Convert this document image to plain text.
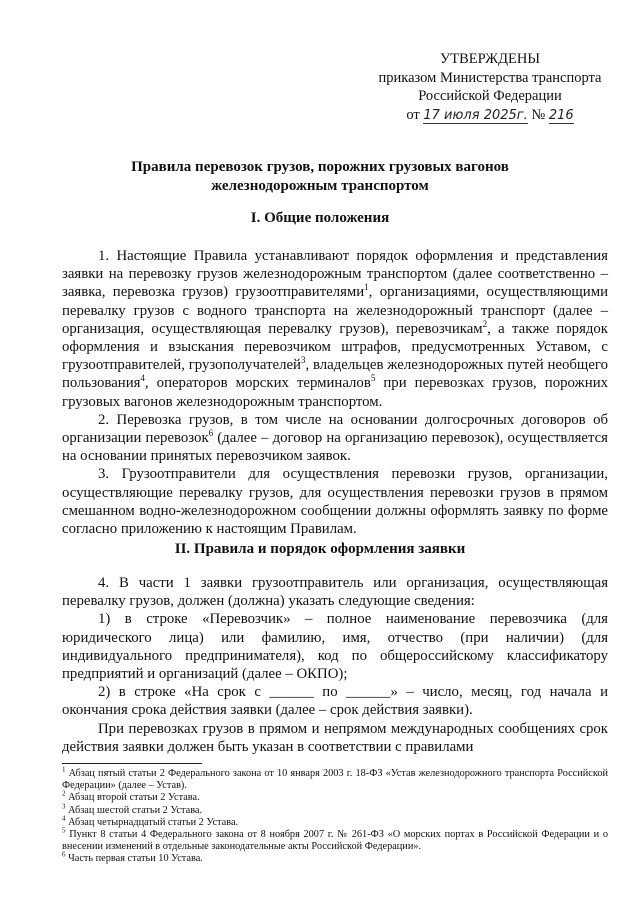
УТВЕРЖДЕНЫ
приказом Министерства транспорта
Российской Федерации
от 17 июля 2025г. № 216
Правила перевозок грузов, порожних грузовых вагонов
железнодорожным транспортом
I. Общие положения

1. Настоящие Правила устанавливают порядок оформления и представления заявки на перевозку грузов железнодорожным транспортом (далее соответственно – заявка, перевозка грузов) грузоотправителями$^1$, организациями, осуществляющими перевалку грузов с водного транспорта на железнодорожный транспорт (далее – организация, осуществляющая перевалку грузов), перевозчикам$^2$, а также порядок оформления и взыскания перевозчиком штрафов, предусмотренных Уставом, с грузоотправителей, грузополучателей$^3$, владельцев железнодорожных путей необщего пользования$^4$, операторов морских терминалов$^5$ при перевозках грузов, порожних грузовых вагонов железнодорожным транспортом.

2. Перевозка грузов, в том числе на основании долгосрочных договоров об организации перевозок$^6$ (далее – договор на организацию перевозок), осуществляется на основании принятых перевозчиком заявок.

3. Грузоотправители для осуществления перевозки грузов, организации, осуществляющие перевалку грузов, для осуществления перевозки грузов в прямом смешанном водно-железнодорожном сообщении должны оформлять заявку по форме согласно приложению к настоящим Правилам.

II. Правила и порядок оформления заявки

4. В части 1 заявки грузоотправитель или организация, осуществляющая перевалку грузов, должен (должна) указать следующие сведения:

1) в строке «Перевозчик» – полное наименование перевозчика (для юридического лица) или фамилию, имя, отчество (при наличии) (для индивидуального предпринимателя), код по общероссийскому классификатору предприятий и организаций (далее – ОКПО);

2) в строке «На срок с ______ по ______» – число, месяц, год начала и окончания срока действия заявки (далее – срок действия заявки).

При перевозках грузов в прямом и непрямом международных сообщениях срок действия заявки должен быть указан в соответствии с правилами

$^1$ Абзац пятый статьи 2 Федерального закона от 10 января 2003 г. 18-ФЗ «Устав железнодорожного транспорта Российской Федерации» (далее – Устав).
$^2$ Абзац второй статьи 2 Устава.
$^3$ Абзац шестой статьи 2 Устава.
$^4$ Абзац четырнадцатый статьи 2 Устава.
$^5$ Пункт 8 статьи 4 Федерального закона от 8 ноября 2007 г. № 261-ФЗ «О морских портах в Российской Федерации и о внесении изменений в отдельные законодательные акты Российской Федерации».
$^6$ Часть первая статьи 10 Устава.
